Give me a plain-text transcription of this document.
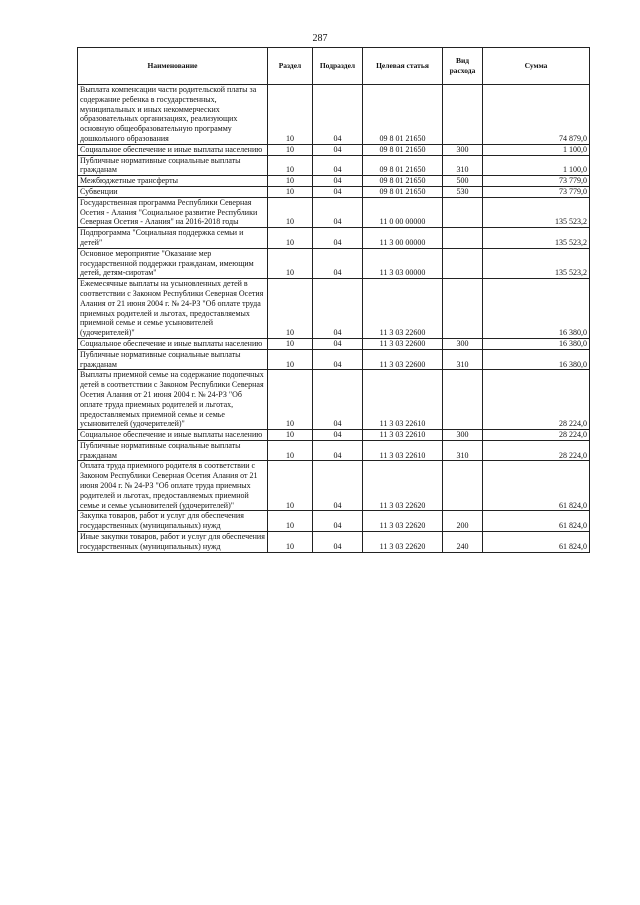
287
Наименование	Раздел	Подраздел	Целевая статья	Вид расхода	Сумма
Выплата компенсации части родительской платы за содержание ребенка в государственных, муниципальных и иных некоммерческих образовательных организациях, реализующих основную общеобразовательную программу дошкольного образования	10	04	09 8 01 21650		74 879,0
Социальное обеспечение и иные выплаты населению	10	04	09 8 01 21650	300	1 100,0
Публичные нормативные социальные выплаты гражданам	10	04	09 8 01 21650	310	1 100,0
Межбюджетные трансферты	10	04	09 8 01 21650	500	73 779,0
Субвенции	10	04	09 8 01 21650	530	73 779,0
Государственная программа Республики Северная Осетия - Алания "Социальное развитие Республики Северная Осетия - Алания" на 2016-2018 годы	10	04	11 0 00 00000		135 523,2
Подпрограмма "Социальная поддержка семьи и детей"	10	04	11 3 00 00000		135 523,2
Основное мероприятие "Оказание мер государственной поддержки гражданам, имеющим детей, детям-сиротам"	10	04	11 3 03 00000		135 523,2
Ежемесячные выплаты на усыновленных детей в соответствии с Законом Республики Северная Осетия Алания от 21 июня 2004 г. № 24-РЗ "Об оплате труда приемных родителей и льготах, предоставляемых приемной семье и семье усыновителей (удочерителей)"	10	04	11 3 03 22600		16 380,0
Социальное обеспечение и иные выплаты населению	10	04	11 3 03 22600	300	16 380,0
Публичные нормативные социальные выплаты гражданам	10	04	11 3 03 22600	310	16 380,0
Выплаты приемной семье на содержание подопечных детей в соответствии с Законом Республики Северная Осетия Алания от 21 июня 2004 г. № 24-РЗ "Об оплате труда приемных родителей и льготах, предоставляемых приемной семье и семье усыновителей (удочерителей)"	10	04	11 3 03 22610		28 224,0
Социальное обеспечение и иные выплаты населению	10	04	11 3 03 22610	300	28 224,0
Публичные нормативные социальные выплаты гражданам	10	04	11 3 03 22610	310	28 224,0
Оплата труда приемного родителя в соответствии с Законом Республики Северная Осетия Алания от 21 июня 2004 г. № 24-РЗ "Об оплате труда приемных родителей и льготах, предоставляемых приемной семье и семье усыновителей (удочерителей)"	10	04	11 3 03 22620		61 824,0
Закупка товаров, работ и услуг для обеспечения государственных (муниципальных) нужд	10	04	11 3 03 22620	200	61 824,0
Иные закупки товаров, работ и услуг для обеспечения государственных (муниципальных) нужд	10	04	11 3 03 22620	240	61 824,0
